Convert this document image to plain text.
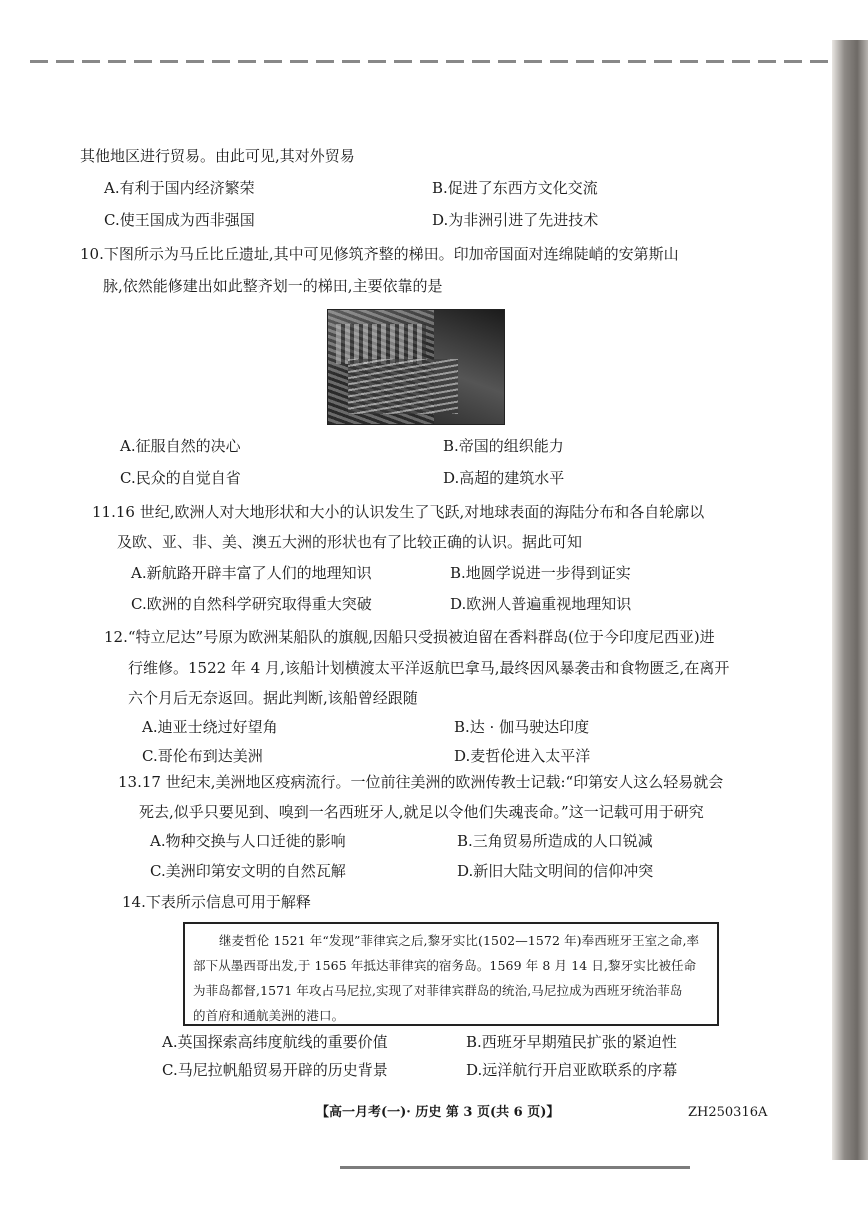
其他地区进行贸易。由此可见,其对外贸易
A.有利于国内经济繁荣	B.促进了东西方文化交流
C.使王国成为西非强国	D.为非洲引进了先进技术
10.下图所示为马丘比丘遗址,其中可见修筑齐整的梯田。印加帝国面对连绵陡峭的安第斯山
脉,依然能修建出如此整齐划一的梯田,主要依靠的是
A.征服自然的决心	B.帝国的组织能力
C.民众的自觉自省	D.高超的建筑水平
11.16 世纪,欧洲人对大地形状和大小的认识发生了飞跃,对地球表面的海陆分布和各自轮廓以
及欧、亚、非、美、澳五大洲的形状也有了比较正确的认识。据此可知
A.新航路开辟丰富了人们的地理知识	B.地圆学说进一步得到证实
C.欧洲的自然科学研究取得重大突破	D.欧洲人普遍重视地理知识
12.“特立尼达”号原为欧洲某船队的旗舰,因船只受损被迫留在香料群岛(位于今印度尼西亚)进
行维修。1522 年 4 月,该船计划横渡太平洋返航巴拿马,最终因风暴袭击和食物匮乏,在离开
六个月后无奈返回。据此判断,该船曾经跟随
A.迪亚士绕过好望角	B.达 · 伽马驶达印度
C.哥伦布到达美洲	D.麦哲伦进入太平洋
13.17 世纪末,美洲地区疫病流行。一位前往美洲的欧洲传教士记载:“印第安人这么轻易就会
死去,似乎只要见到、嗅到一名西班牙人,就足以令他们失魂丧命。”这一记载可用于研究
A.物种交换与人口迁徙的影响	B.三角贸易所造成的人口锐减
C.美洲印第安文明的自然瓦解	D.新旧大陆文明间的信仰冲突
14.下表所示信息可用于解释

继麦哲伦 1521 年“发现”菲律宾之后,黎牙实比(1502—1572 年)奉西班牙王室之命,率

部下从墨西哥出发,于 1565 年抵达菲律宾的宿务岛。1569 年 8 月 14 日,黎牙实比被任命

为菲岛都督,1571 年攻占马尼拉,实现了对菲律宾群岛的统治,马尼拉成为西班牙统治菲岛

的首府和通航美洲的港口。

A.英国探索高纬度航线的重要价值	B.西班牙早期殖民扩张的紧迫性
C.马尼拉帆船贸易开辟的历史背景	D.远洋航行开启亚欧联系的序幕
【高一月考(一)· 历史 第 3 页(共 6 页)】	ZH250316A
